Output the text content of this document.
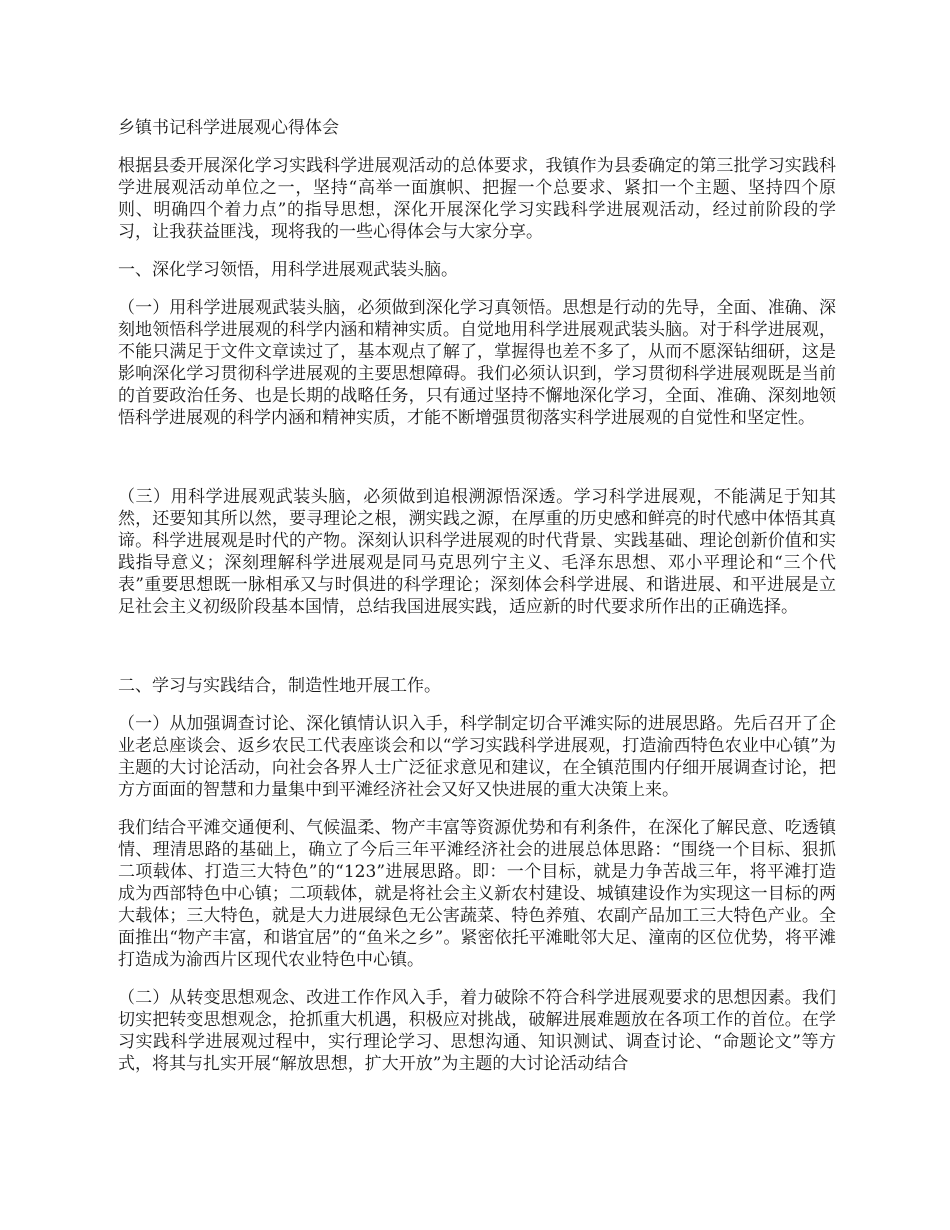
乡镇书记科学进展观心得体会
根据县委开展深化学习实践科学进展观活动的总体要求，我镇作为县委确定的第三批学习实践科学进展观活动单位之一，坚持“高举一面旗帜、把握一个总要求、紧扣一个主题、坚持四个原则、明确四个着力点”的指导思想，深化开展深化学习实践科学进展观活动，经过前阶段的学习，让我获益匪浅，现将我的一些心得体会与大家分享。
一、深化学习领悟，用科学进展观武装头脑。
（一）用科学进展观武装头脑，必须做到深化学习真领悟。思想是行动的先导，全面、准确、深刻地领悟科学进展观的科学内涵和精神实质。自觉地用科学进展观武装头脑。对于科学进展观，不能只满足于文件文章读过了，基本观点了解了，掌握得也差不多了，从而不愿深钻细研，这是影响深化学习贯彻科学进展观的主要思想障碍。我们必须认识到，学习贯彻科学进展观既是当前的首要政治任务、也是长期的战略任务，只有通过坚持不懈地深化学习，全面、准确、深刻地领悟科学进展观的科学内涵和精神实质，才能不断增强贯彻落实科学进展观的自觉性和坚定性。
（三）用科学进展观武装头脑，必须做到追根溯源悟深透。学习科学进展观，不能满足于知其然，还要知其所以然，要寻理论之根，溯实践之源，在厚重的历史感和鲜亮的时代感中体悟其真谛。科学进展观是时代的产物。深刻认识科学进展观的时代背景、实践基础、理论创新价值和实践指导意义；深刻理解科学进展观是同马克思列宁主义、毛泽东思想、邓小平理论和“三个代表”重要思想既一脉相承又与时俱进的科学理论；深刻体会科学进展、和谐进展、和平进展是立足社会主义初级阶段基本国情，总结我国进展实践，适应新的时代要求所作出的正确选择。
二、学习与实践结合，制造性地开展工作。
（一）从加强调查讨论、深化镇情认识入手，科学制定切合平滩实际的进展思路。先后召开了企业老总座谈会、返乡农民工代表座谈会和以“学习实践科学进展观，打造渝西特色农业中心镇”为主题的大讨论活动，向社会各界人士广泛征求意见和建议，在全镇范围内仔细开展调查讨论，把方方面面的智慧和力量集中到平滩经济社会又好又快进展的重大决策上来。
我们结合平滩交通便利、气候温柔、物产丰富等资源优势和有利条件，在深化了解民意、吃透镇情、理清思路的基础上，确立了今后三年平滩经济社会的进展总体思路：“围绕一个目标、狠抓二项载体、打造三大特色”的“123”进展思路。即：一个目标，就是力争苦战三年，将平滩打造成为西部特色中心镇；二项载体，就是将社会主义新农村建设、城镇建设作为实现这一目标的两大载体；三大特色，就是大力进展绿色无公害蔬菜、特色养殖、农副产品加工三大特色产业。全面推出“物产丰富，和谐宜居”的“鱼米之乡”。紧密依托平滩毗邻大足、潼南的区位优势，将平滩打造成为渝西片区现代农业特色中心镇。
（二）从转变思想观念、改进工作作风入手，着力破除不符合科学进展观要求的思想因素。我们切实把转变思想观念，抢抓重大机遇，积极应对挑战，破解进展难题放在各项工作的首位。在学习实践科学进展观过程中，实行理论学习、思想沟通、知识测试、调查讨论、“命题论文”等方式，将其与扎实开展“解放思想，扩大开放”为主题的大讨论活动结合
